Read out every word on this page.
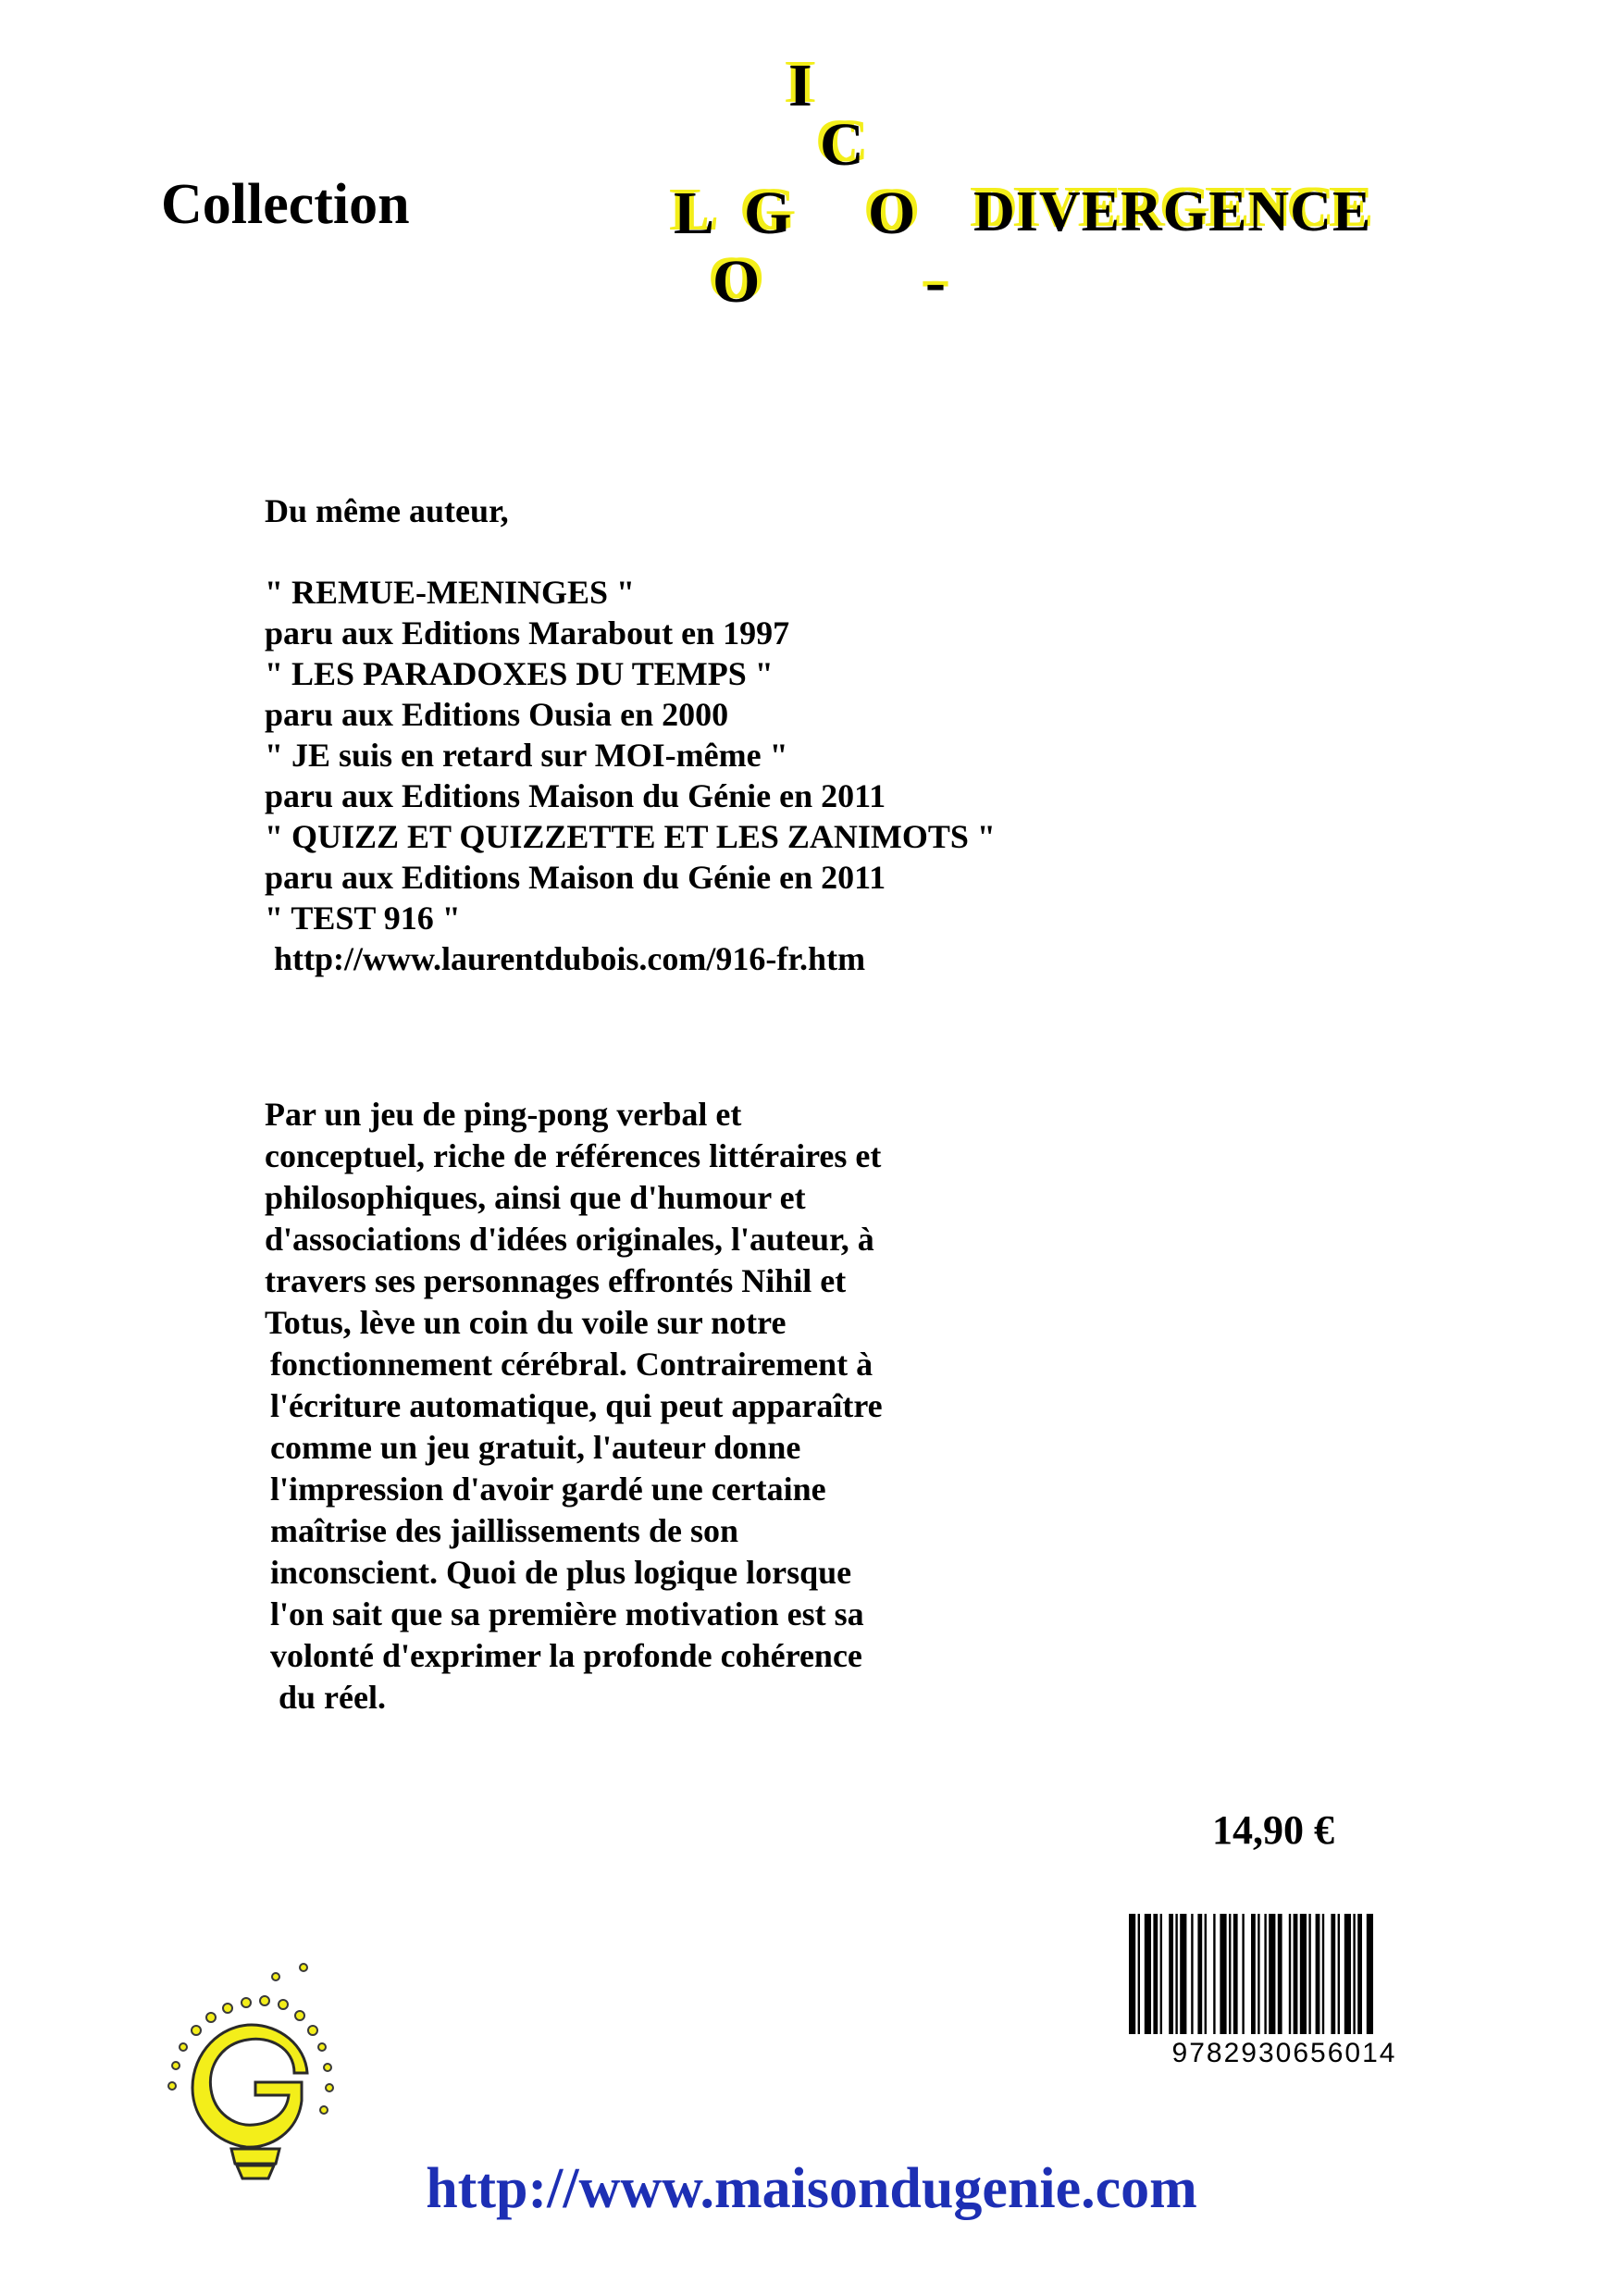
Collection
I
C
L G O
O	-
DIVERGENCE
Du même auteur,
" REMUE-MENINGES "
paru aux Editions Marabout en 1997
" LES PARADOXES DU TEMPS "
paru aux Editions Ousia en 2000
" JE suis en retard sur MOI-même "
paru aux Editions Maison du Génie en 2011
" QUIZZ ET QUIZZETTE ET LES ZANIMOTS "
paru aux Editions Maison du Génie en 2011
" TEST 916 "
http://www.laurentdubois.com/916-fr.htm
Par un jeu de ping-pong verbal et
conceptuel, riche de références littéraires et
philosophiques, ainsi que d'humour et
d'associations d'idées originales, l'auteur, à
travers ses personnages effrontés Nihil et
Totus, lève un coin du voile sur notre
fonctionnement cérébral. Contrairement à
l'écriture automatique, qui peut apparaître
comme un jeu gratuit, l'auteur donne
l'impression d'avoir gardé une certaine
maîtrise des jaillissements de son
inconscient. Quoi de plus logique lorsque
l'on sait que sa première motivation est sa
volonté d'exprimer la profonde cohérence
du réel.
14,90 €
9782930656014
http://www.maisondugenie.com
